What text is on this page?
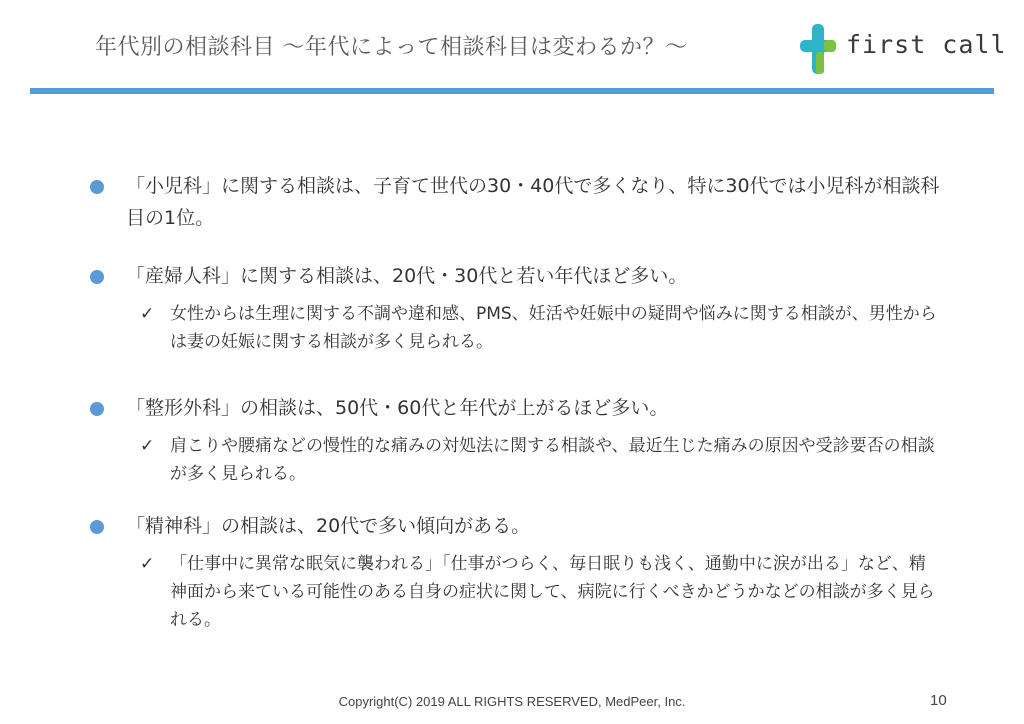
年代別の相談科目 ～年代によって相談科目は変わるか？～	first call
「小児科」に関する相談は、子育て世代の30・40代で多くなり、特に30代では小児科が相談科目の1位。
「産婦人科」に関する相談は、20代・30代と若い年代ほど多い。
✓ 女性からは生理に関する不調や違和感、PMS、妊活や妊娠中の疑問や悩みに関する相談が、男性からは妻の妊娠に関する相談が多く見られる。
「整形外科」の相談は、50代・60代と年代が上がるほど多い。
✓ 肩こりや腰痛などの慢性的な痛みの対処法に関する相談や、最近生じた痛みの原因や受診要否の相談が多く見られる。
「精神科」の相談は、20代で多い傾向がある。
✓ 「仕事中に異常な眠気に襲われる」「仕事がつらく、毎日眠りも浅く、通勤中に涙が出る」など、精神面から来ている可能性のある自身の症状に関して、病院に行くべきかどうかなどの相談が多く見られる。
Copyright(C) 2019 ALL RIGHTS RESERVED, MedPeer, Inc.	10
